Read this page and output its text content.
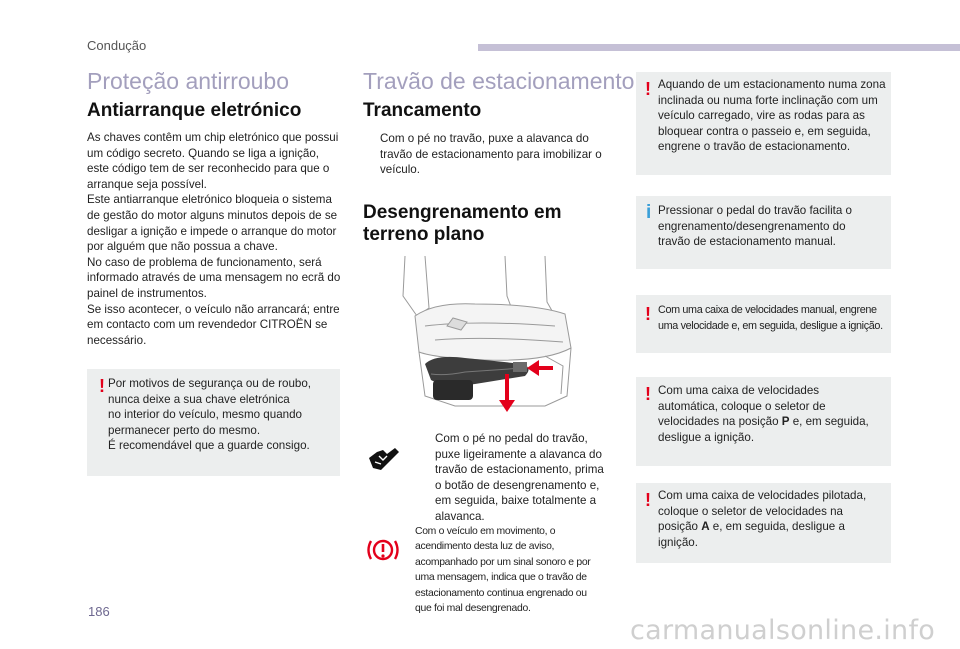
Condução
Proteção antirroubo
Antiarranque eletrónico
As chaves contêm um chip eletrónico que possui
um código secreto. Quando se liga a ignição,
este código tem de ser reconhecido para que o
arranque seja possível.
Este antiarranque eletrónico bloqueia o sistema
de gestão do motor alguns minutos depois de se
desligar a ignição e impede o arranque do motor
por alguém que não possua a chave.
No caso de problema de funcionamento, será
informado através de uma mensagem no ecrã do
painel de instrumentos.
Se isso acontecer, o veículo não arrancará; entre
em contacto com um revendedor CITROËN se
necessário.
! Por motivos de segurança ou de roubo,
nunca deixe a sua chave eletrónica
no interior do veículo, mesmo quando
permanecer perto do mesmo.
É recomendável que a guarde consigo.
Travão de estacionamento
Trancamento
Com o pé no travão, puxe a alavanca do
travão de estacionamento para imobilizar o
veículo.
Desengrenamento em
terreno plano
Com o pé no pedal do travão,
puxe ligeiramente a alavanca do
travão de estacionamento, prima
o botão de desengrenamento e,
em seguida, baixe totalmente a
alavanca.
Com o veículo em movimento, o
acendimento desta luz de aviso,
acompanhado por um sinal sonoro e por
uma mensagem, indica que o travão de
estacionamento continua engrenado ou
que foi mal desengrenado.
! Aquando de um estacionamento numa zona
inclinada ou numa forte inclinação com um
veículo carregado, vire as rodas para as
bloquear contra o passeio e, em seguida,
engrene o travão de estacionamento.
i Pressionar o pedal do travão facilita o
engrenamento/desengrenamento do
travão de estacionamento manual.
! Com uma caixa de velocidades manual, engrene
uma velocidade e, em seguida, desligue a ignição.
! Com uma caixa de velocidades
automática, coloque o seletor de
velocidades na posição P e, em seguida,
desligue a ignição.
! Com uma caixa de velocidades pilotada,
coloque o seletor de velocidades na
posição A e, em seguida, desligue a
ignição.
186
carmanualsonline.info
